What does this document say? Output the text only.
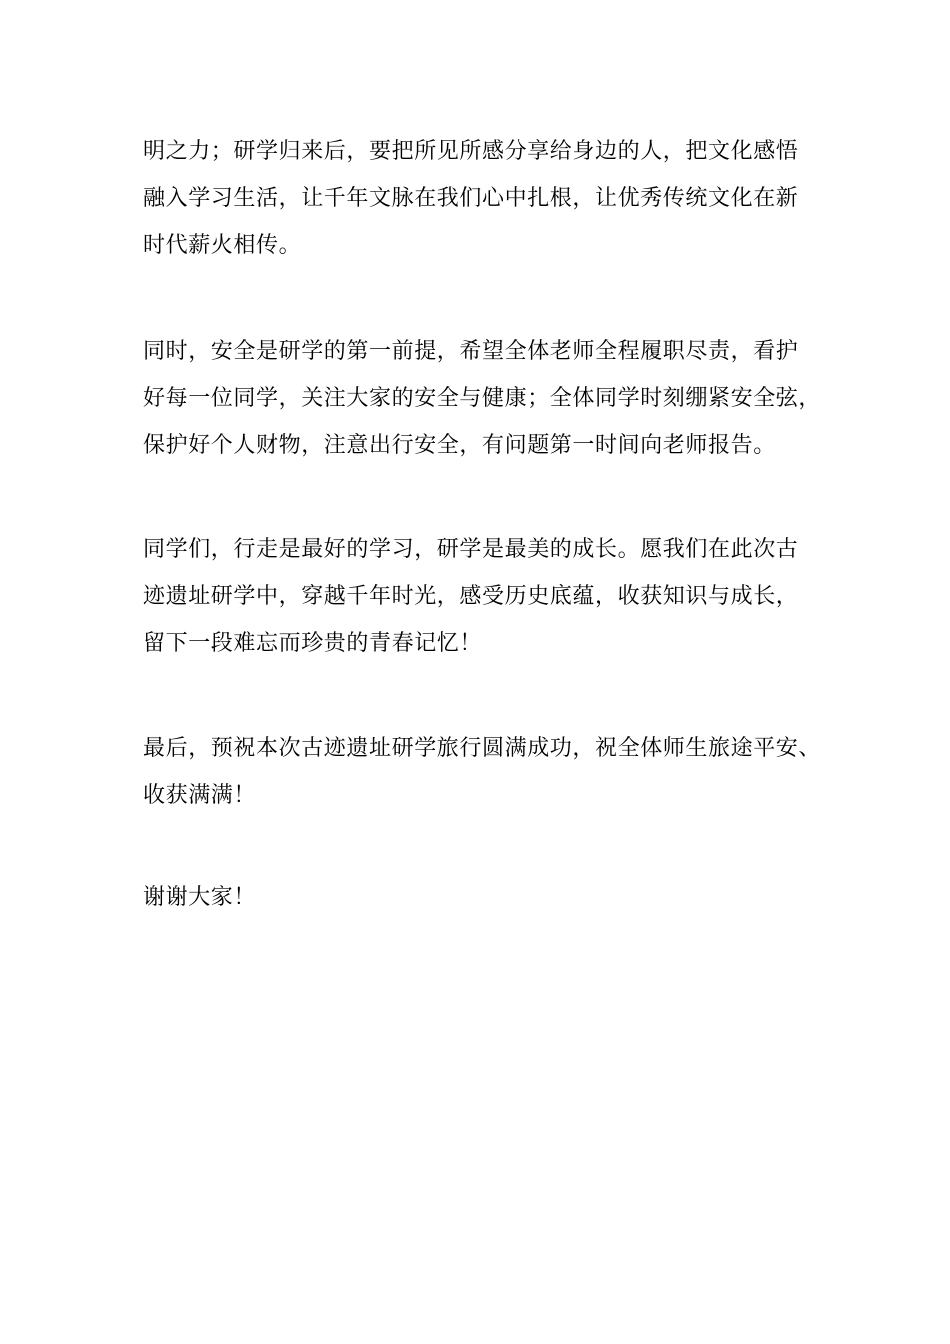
明之力；研学归来后，要把所见所感分享给身边的人，把文化感悟
融入学习生活，让千年文脉在我们心中扎根，让优秀传统文化在新
时代薪火相传。
同时，安全是研学的第一前提，希望全体老师全程履职尽责，看护
好每一位同学，关注大家的安全与健康；全体同学时刻绷紧安全弦，
保护好个人财物，注意出行安全，有问题第一时间向老师报告。
同学们，行走是最好的学习，研学是最美的成长。愿我们在此次古
迹遗址研学中，穿越千年时光，感受历史底蕴，收获知识与成长，
留下一段难忘而珍贵的青春记忆！
最后，预祝本次古迹遗址研学旅行圆满成功，祝全体师生旅途平安、
收获满满！
谢谢大家！
